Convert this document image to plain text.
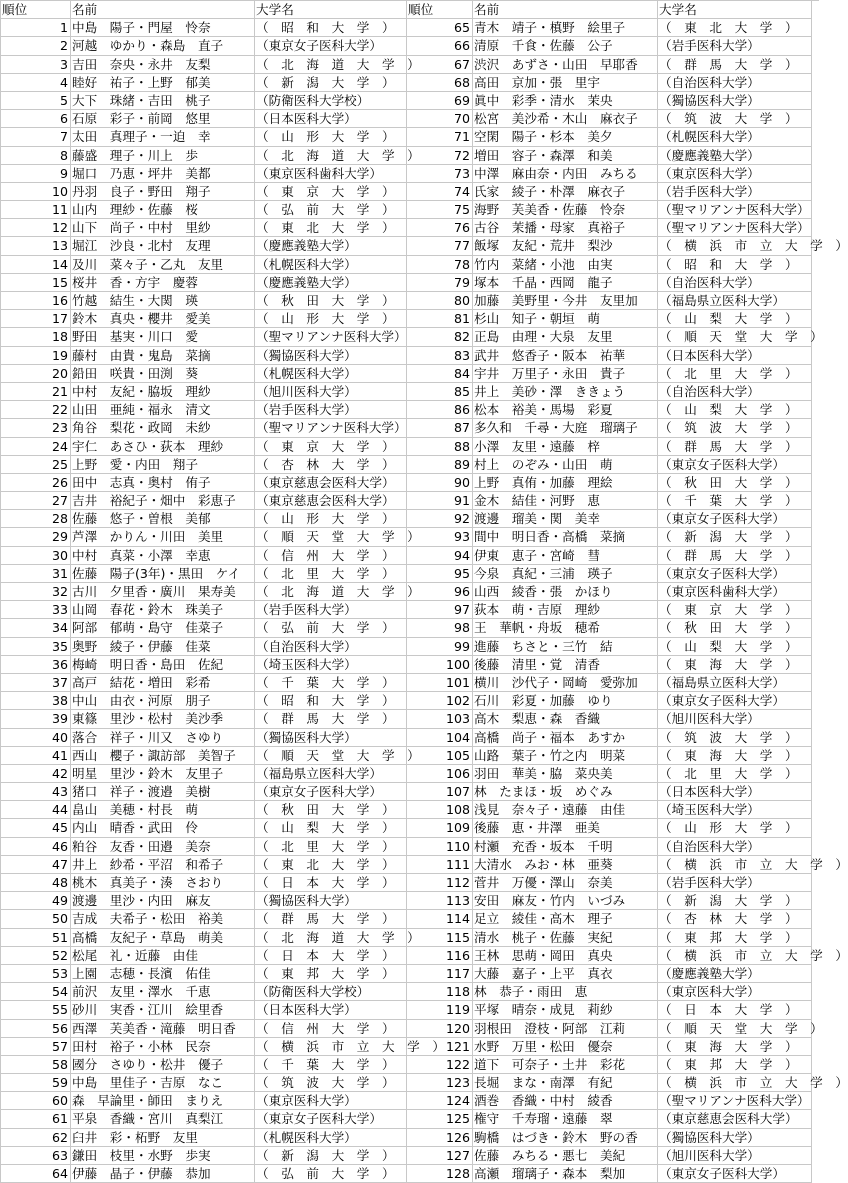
順位	名前	大学名	順位	名前	大学名
1 中島　陽子・門屋　怜奈	（　昭　和　大　学　）	65 青木　靖子・槙野　絵里子	（　東　北　大　学　）
2 河越　ゆかり・森島　直子	（東京女子医科大学）	66 清原　千食・佐藤　公子	（岩手医科大学）
3 吉田　奈央・永井　友梨	（　北　海　道　大　学　）	67 渋沢　あずさ・山田　早耶香	（　群　馬　大　学　）
4 睦好　祐子・上野　郁美	（　新　潟　大　学　）	68 高田　京加・張　里宇	（自治医科大学）
5 大下　珠緒・吉田　桃子	（防衛医科大学校）	69 眞中　彩季・清水　茉央	（獨協医科大学）
6 石原　彩子・前岡　悠里	（日本医科大学）	70 松宮　美沙希・木山　麻衣子	（　筑　波　大　学　）
7 太田　真理子・一迫　幸	（　山　形　大　学　）	71 空閑　陽子・杉本　美夕	（札幌医科大学）
8 藤盛　理子・川上　歩	（　北　海　道　大　学　）	72 増田　容子・森澤　和美	（慶應義塾大学）
9 堀口　乃恵・坪井　美都	（東京医科歯科大学）	73 中澤　麻由奈・内田　みちる	（東京医科大学）
10 丹羽　良子・野田　翔子	（　東　京　大　学　）	74 氏家　綾子・朴澤　麻衣子	（岩手医科大学）
11 山内　理紗・佐藤　桜	（　弘　前　大　学　）	75 海野　芙美香・佐藤　怜奈	（聖マリアンナ医科大学）
12 山下　尚子・中村　里紗	（　東　北　大　学　）	76 古谷　茉播・母家　真裕子	（聖マリアンナ医科大学）
13 堀江　沙良・北村　友理	（慶應義塾大学）	77 飯塚　友紀・荒井　梨沙	（　横　浜　市　立　大　学　）
14 及川　菜々子・乙丸　友里	（札幌医科大学）	78 竹内　菜緒・小池　由実	（　昭　和　大　学　）
15 桜井　香・方宇　慶蓉	（慶應義塾大学）	79 塚本　千晶・西岡　龍子	（自治医科大学）
16 竹越　結生・大関　瑛	（　秋　田　大　学　）	80 加藤　美野里・今井　友里加	（福島県立医科大学）
17 鈴木　真央・櫻井　愛美	（　山　形　大　学　）	81 杉山　知子・朝垣　萌	（　山　梨　大　学　）
18 野田　基実・川口　愛	（聖マリアンナ医科大学）	82 正島　由理・大泉　友里	（　順　天　堂　大　学　）
19 藤村　由貴・鬼島　菜摘	（獨協医科大学）	83 武井　悠香子・阪本　祐華	（日本医科大学）
20 鉛田　咲貴・田渕　葵	（札幌医科大学）	84 宇井　万里子・永田　貴子	（　北　里　大　学　）
21 中村　友紀・脇坂　理紗	（旭川医科大学）	85 井上　美砂・澤　ききょう	（自治医科大学）
22 山田　亜純・福永　清文	（岩手医科大学）	86 松本　裕美・馬場　彩夏	（　山　梨　大　学　）
23 角谷　梨花・政岡　未紗	（聖マリアンナ医科大学）	87 多久和　千尋・大庭　瑠璃子	（　筑　波　大　学　）
24 宇仁　あさひ・荻本　理紗	（　東　京　大　学　）	88 小澤　友里・遠藤　梓	（　群　馬　大　学　）
25 上野　愛・内田　翔子	（　杏　林　大　学　）	89 村上　のぞみ・山田　萌	（東京女子医科大学）
26 田中　志真・奥村　侑子	（東京慈恵会医科大学）	90 上野　真侑・加藤　理絵	（　秋　田　大　学　）
27 吉井　裕紀子・畑中　彩恵子	（東京慈恵会医科大学）	91 金木　結佳・河野　恵	（　千　葉　大　学　）
28 佐藤　悠子・曽根　美郁	（　山　形　大　学　）	92 渡邊　瑠美・関　美幸	（東京女子医科大学）
29 芦澤　かりん・川田　美里	（　順　天　堂　大　学　）	93 間中　明日香・高橋　菜摘	（　新　潟　大　学　）
30 中村　真菜・小澤　幸恵	（　信　州　大　学　）	94 伊東　恵子・宮崎　彗	（　群　馬　大　学　）
31 佐藤　陽子(3年)・黒田　ケイ	（　北　里　大　学　）	95 今泉　真紀・三浦　瑛子	（東京女子医科大学）
32 古川　夕里香・廣川　果寿美	（　北　海　道　大　学　）	96 山西　綾香・張　かほり	（東京医科歯科大学）
33 山岡　春花・鈴木　珠美子	（岩手医科大学）	97 荻本　萌・吉原　理紗	（　東　京　大　学　）
34 阿部　郁萌・島守　佳菜子	（　弘　前　大　学　）	98 王　華帆・舟坂　穂希	（　秋　田　大　学　）
35 奥野　綾子・伊藤　佳菜	（自治医科大学）	99 進藤　ちさと・三竹　結	（　山　梨　大　学　）
36 梅崎　明日香・島田　佐紀	（埼玉医科大学）	100 後藤　清里・覚　清香	（　東　海　大　学　）
37 高戸　結花・増田　彩希	（　千　葉　大　学　）	101 横川　沙代子・岡崎　愛弥加	（福島県立医科大学）
38 中山　由衣・河原　朋子	（　昭　和　大　学　）	102 石川　彩夏・加藤　ゆり	（東京女子医科大学）
39 東篠　里沙・松村　美沙季	（　群　馬　大　学　）	103 高木　梨恵・森　香織	（旭川医科大学）
40 落合　祥子・川又　さゆり	（獨協医科大学）	104 高橋　尚子・福本　あすか	（　筑　波　大　学　）
41 西山　櫻子・諏訪部　美智子	（　順　天　堂　大　学　）	105 山路　葉子・竹之内　明菜	（　東　海　大　学　）
42 明星　里沙・鈴木　友里子	（福島県立医科大学）	106 羽田　華美・脇　菜央美	（　北　里　大　学　）
43 猪口　祥子・渡邉　美樹	（東京女子医科大学）	107 林　たまほ・坂　めぐみ	（日本医科大学）
44 畠山　美穂・村長　萌	（　秋　田　大　学　）	108 浅見　奈々子・遠藤　由佳	（埼玉医科大学）
45 内山　晴香・武田　伶	（　山　梨　大　学　）	109 後藤　恵・井澤　亜美	（　山　形　大　学　）
46 粕谷　友香・田邉　美奈	（　北　里　大　学　）	110 村瀬　充香・坂本　千明	（自治医科大学）
47 井上　紗希・平沼　和希子	（　東　北　大　学　）	111 大清水　みお・林　亜葵	（　横　浜　市　立　大　学　）
48 桃木　真美子・湊　さおり	（　日　本　大　学　）	112 菅井　万優・澤山　奈美	（岩手医科大学）
49 渡邊　里沙・内田　麻友	（獨協医科大学）	113 安田　麻友・竹内　いづみ	（　新　潟　大　学　）
50 吉成　夫希子・松田　裕美	（　群　馬　大　学　）	114 足立　綾佳・高木　理子	（　杏　林　大　学　）
51 高橋　友紀子・草島　萌美	（　北　海　道　大　学　）	115 清水　桃子・佐藤　実紀	（　東　邦　大　学　）
52 松尾　礼・近藤　由佳	（　日　本　大　学　）	116 王林　思萌・岡田　真央	（　横　浜　市　立　大　学　）
53 上園　志穂・長濱　佑佳	（　東　邦　大　学　）	117 大藤　嘉子・上平　真衣	（慶應義塾大学）
54 前沢　友里・澤水　千恵	（防衛医科大学校）	118 林　恭子・雨田　恵	（東京医科大学）
55 砂川　実香・江川　絵里香	（日本医科大学）	119 平塚　晴奈・成見　莉紗	（　日　本　大　学　）
56 西澤　芙美香・滝藤　明日香	（　信　州　大　学　）	120 羽根田　澄枝・阿部　江莉	（　順　天　堂　大　学　）
57 田村　裕子・小林　民奈	（　横　浜　市　立　大　学　） 121 水野　万里・松田　優奈	（　東　海　大　学　）
58 國分　さゆり・松井　優子	（　千　葉　大　学　）	122 道下　可奈子・土井　彩花	（　東　邦　大　学　）
59 中島　里佳子・吉原　なこ	（　筑　波　大　学　）	123 長堀　まな・南澤　有紀	（　横　浜　市　立　大　学　）
60 森　早論里・師田　まりえ	（東京医科大学）	124 酒巻　香織・中村　綾香	（聖マリアンナ医科大学）
61 平泉　香織・宮川　真梨江	（東京女子医科大学）	125 権守　千寿瑠・遠藤　翠	（東京慈恵会医科大学）
62 臼井　彩・柘野　友里	（札幌医科大学）	126 駒橋　はづき・鈴木　野の香	（獨協医科大学）
63 鎌田　枝里・水野　歩実	（　新　潟　大　学　）	127 佐藤　みちる・悪七　美紀	（旭川医科大学）
64 伊藤　晶子・伊藤　恭加	（　弘　前　大　学　）	128 高瀬　瑠璃子・森本　梨加	（東京女子医科大学）
